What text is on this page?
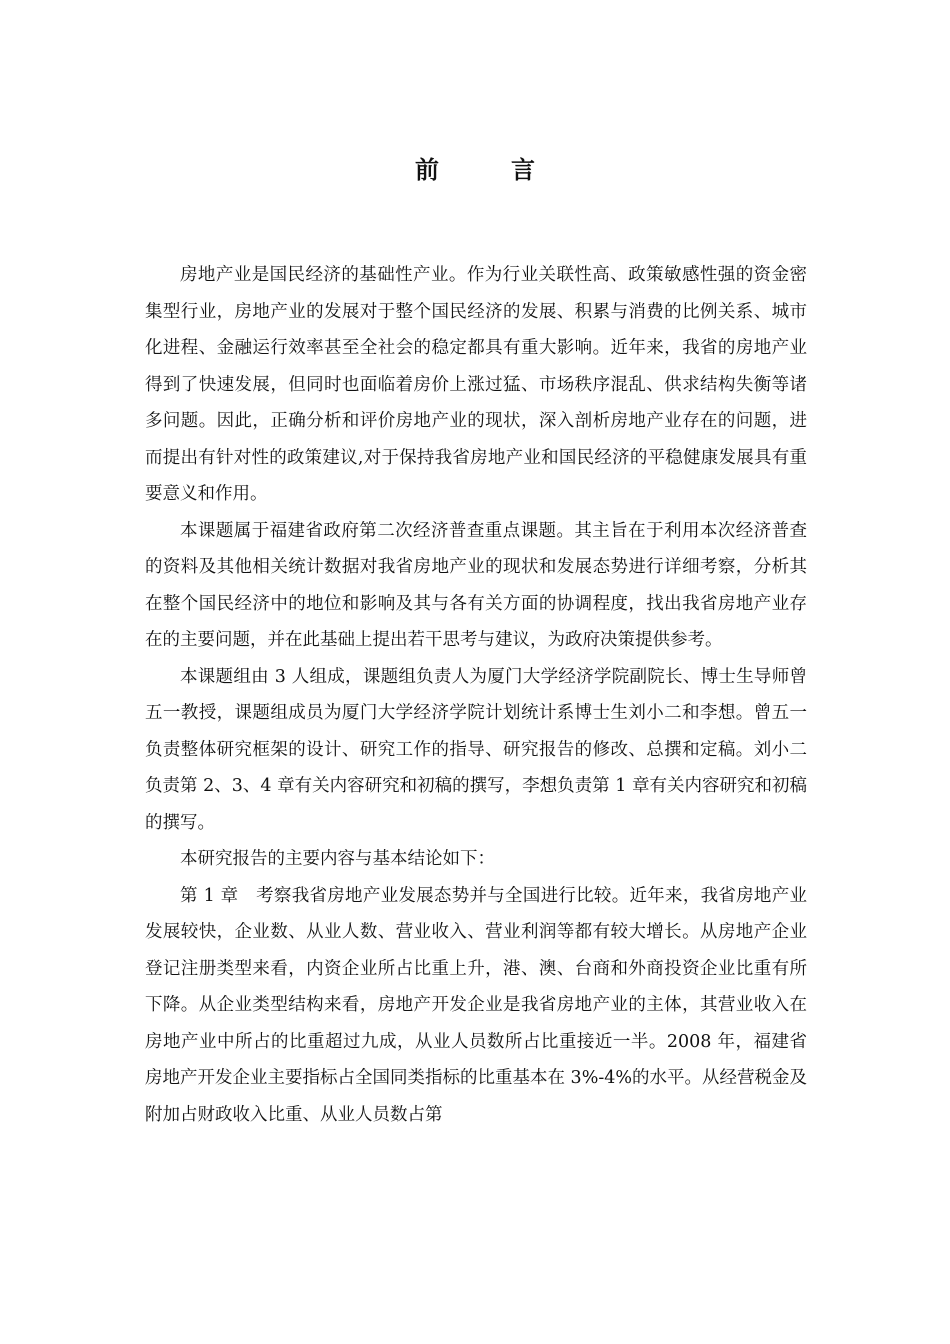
前　言

房地产业是国民经济的基础性产业。作为行业关联性高、政策敏感性强的资金密集型行业，房地产业的发展对于整个国民经济的发展、积累与消费的比例关系、城市化进程、金融运行效率甚至全社会的稳定都具有重大影响。近年来，我省的房地产业得到了快速发展，但同时也面临着房价上涨过猛、市场秩序混乱、供求结构失衡等诸多问题。因此，正确分析和评价房地产业的现状，深入剖析房地产业存在的问题，进而提出有针对性的政策建议,对于保持我省房地产业和国民经济的平稳健康发展具有重要意义和作用。

本课题属于福建省政府第二次经济普查重点课题。其主旨在于利用本次经济普查的资料及其他相关统计数据对我省房地产业的现状和发展态势进行详细考察，分析其在整个国民经济中的地位和影响及其与各有关方面的协调程度，找出我省房地产业存在的主要问题，并在此基础上提出若干思考与建议，为政府决策提供参考。

本课题组由 3 人组成，课题组负责人为厦门大学经济学院副院长、博士生导师曾五一教授，课题组成员为厦门大学经济学院计划统计系博士生刘小二和李想。曾五一负责整体研究框架的设计、研究工作的指导、研究报告的修改、总撰和定稿。刘小二负责第 2、3、4 章有关内容研究和初稿的撰写，李想负责第 1 章有关内容研究和初稿的撰写。

本研究报告的主要内容与基本结论如下：

第 1 章　考察我省房地产业发展态势并与全国进行比较。近年来，我省房地产业发展较快，企业数、从业人数、营业收入、营业利润等都有较大增长。从房地产企业登记注册类型来看，内资企业所占比重上升，港、澳、台商和外商投资企业比重有所下降。从企业类型结构来看，房地产开发企业是我省房地产业的主体，其营业收入在房地产业中所占的比重超过九成，从业人员数所占比重接近一半。2008 年，福建省房地产开发企业主要指标占全国同类指标的比重基本在 3%-4%的水平。从经营税金及附加占财政收入比重、从业人员数占第
